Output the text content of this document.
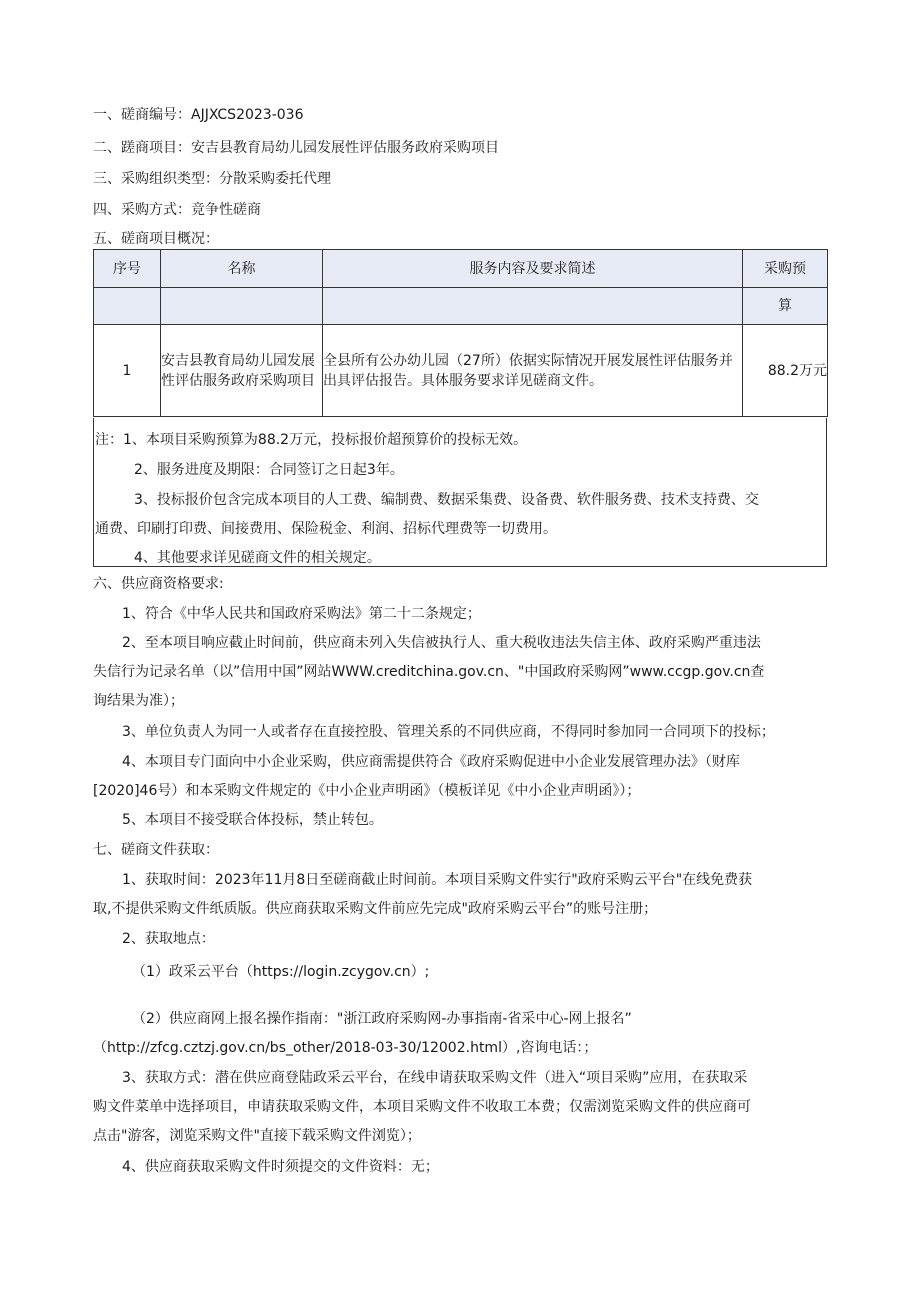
一、磋商编号：AJJXCS2023-036
二、蹉商项目：安吉县教育局幼儿园发展性评估服务政府采购项目
三、采购组织类型：分散采购委托代理
四、采购方式：竞争性磋商
五、磋商项目概况：
序号	名称	服务内容及要求简述	采购预
			算
1	安吉县教育局幼儿园发展性评估服务政府采购项目	全县所有公办幼儿园（27所）依据实际情况开展发展性评估服务并出具评估报告。具体服务要求详见磋商文件。	88.2万元
注：1、本项目采购预算为88.2万元，投标报价超预算价的投标无效。
2、服务进度及期限：合同签订之日起3年。
3、投标报价包含完成本项目的人工费、编制费、数据采集费、设备费、软件服务费、技术支持费、交
通费、印刷打印费、间接费用、保险税金、利润、招标代理费等一切费用。
4、其他要求详见磋商文件的相关规定。
六、供应商资格要求:
1、符合《中华人民共和国政府采购法》第二十二条规定；
2、至本项目响应截止时间前，供应商未列入失信被执行人、重大税收违法失信主体、政府采购严重违法
失信行为记录名单（以”信用中国”网站WWW.creditchina.gov.cn、"中国政府采购网”www.ccgp.gov.cn查
询结果为准）；
3、单位负责人为同一人或者存在直接控股、管理关系的不同供应商，不得同时参加同一合同项下的投标；
4、本项目专门面向中小企业采购，供应商需提供符合《政府采购促进中小企业发展管理办法》（财库
[2020]46号）和本采购文件规定的《中小企业声明函》（模板详见《中小企业声明函》）；
5、本项目不接受联合体投标，禁止转包。
七、磋商文件获取：
1、获取时间：2023年11月8日至磋商截止时间前。本项目采购文件实行"政府采购云平台"在线免费获
取,不提供采购文件纸质版。供应商获取采购文件前应先完成"政府采购云平台”的账号注册；
2、获取地点：
（1）政采云平台（https://login.zcygov.cn）;
（2）供应商网上报名操作指南："浙江政府采购网-办事指南-省采中心-网上报名”
（http://zfcg.cztzj.gov.cn/bs_other/2018-03-30/12002.html）,咨询电话：；
3、获取方式：潜在供应商登陆政采云平台，在线申请获取采购文件（进入“项目采购”应用，在获取采
购文件菜单中选择项目，申请获取采购文件，本项目采购文件不收取工本费；仅需浏览采购文件的供应商可
点击"游客，浏览采购文件"直接下载采购文件浏览）；
4、供应商获取采购文件时须提交的文件资料：无；
